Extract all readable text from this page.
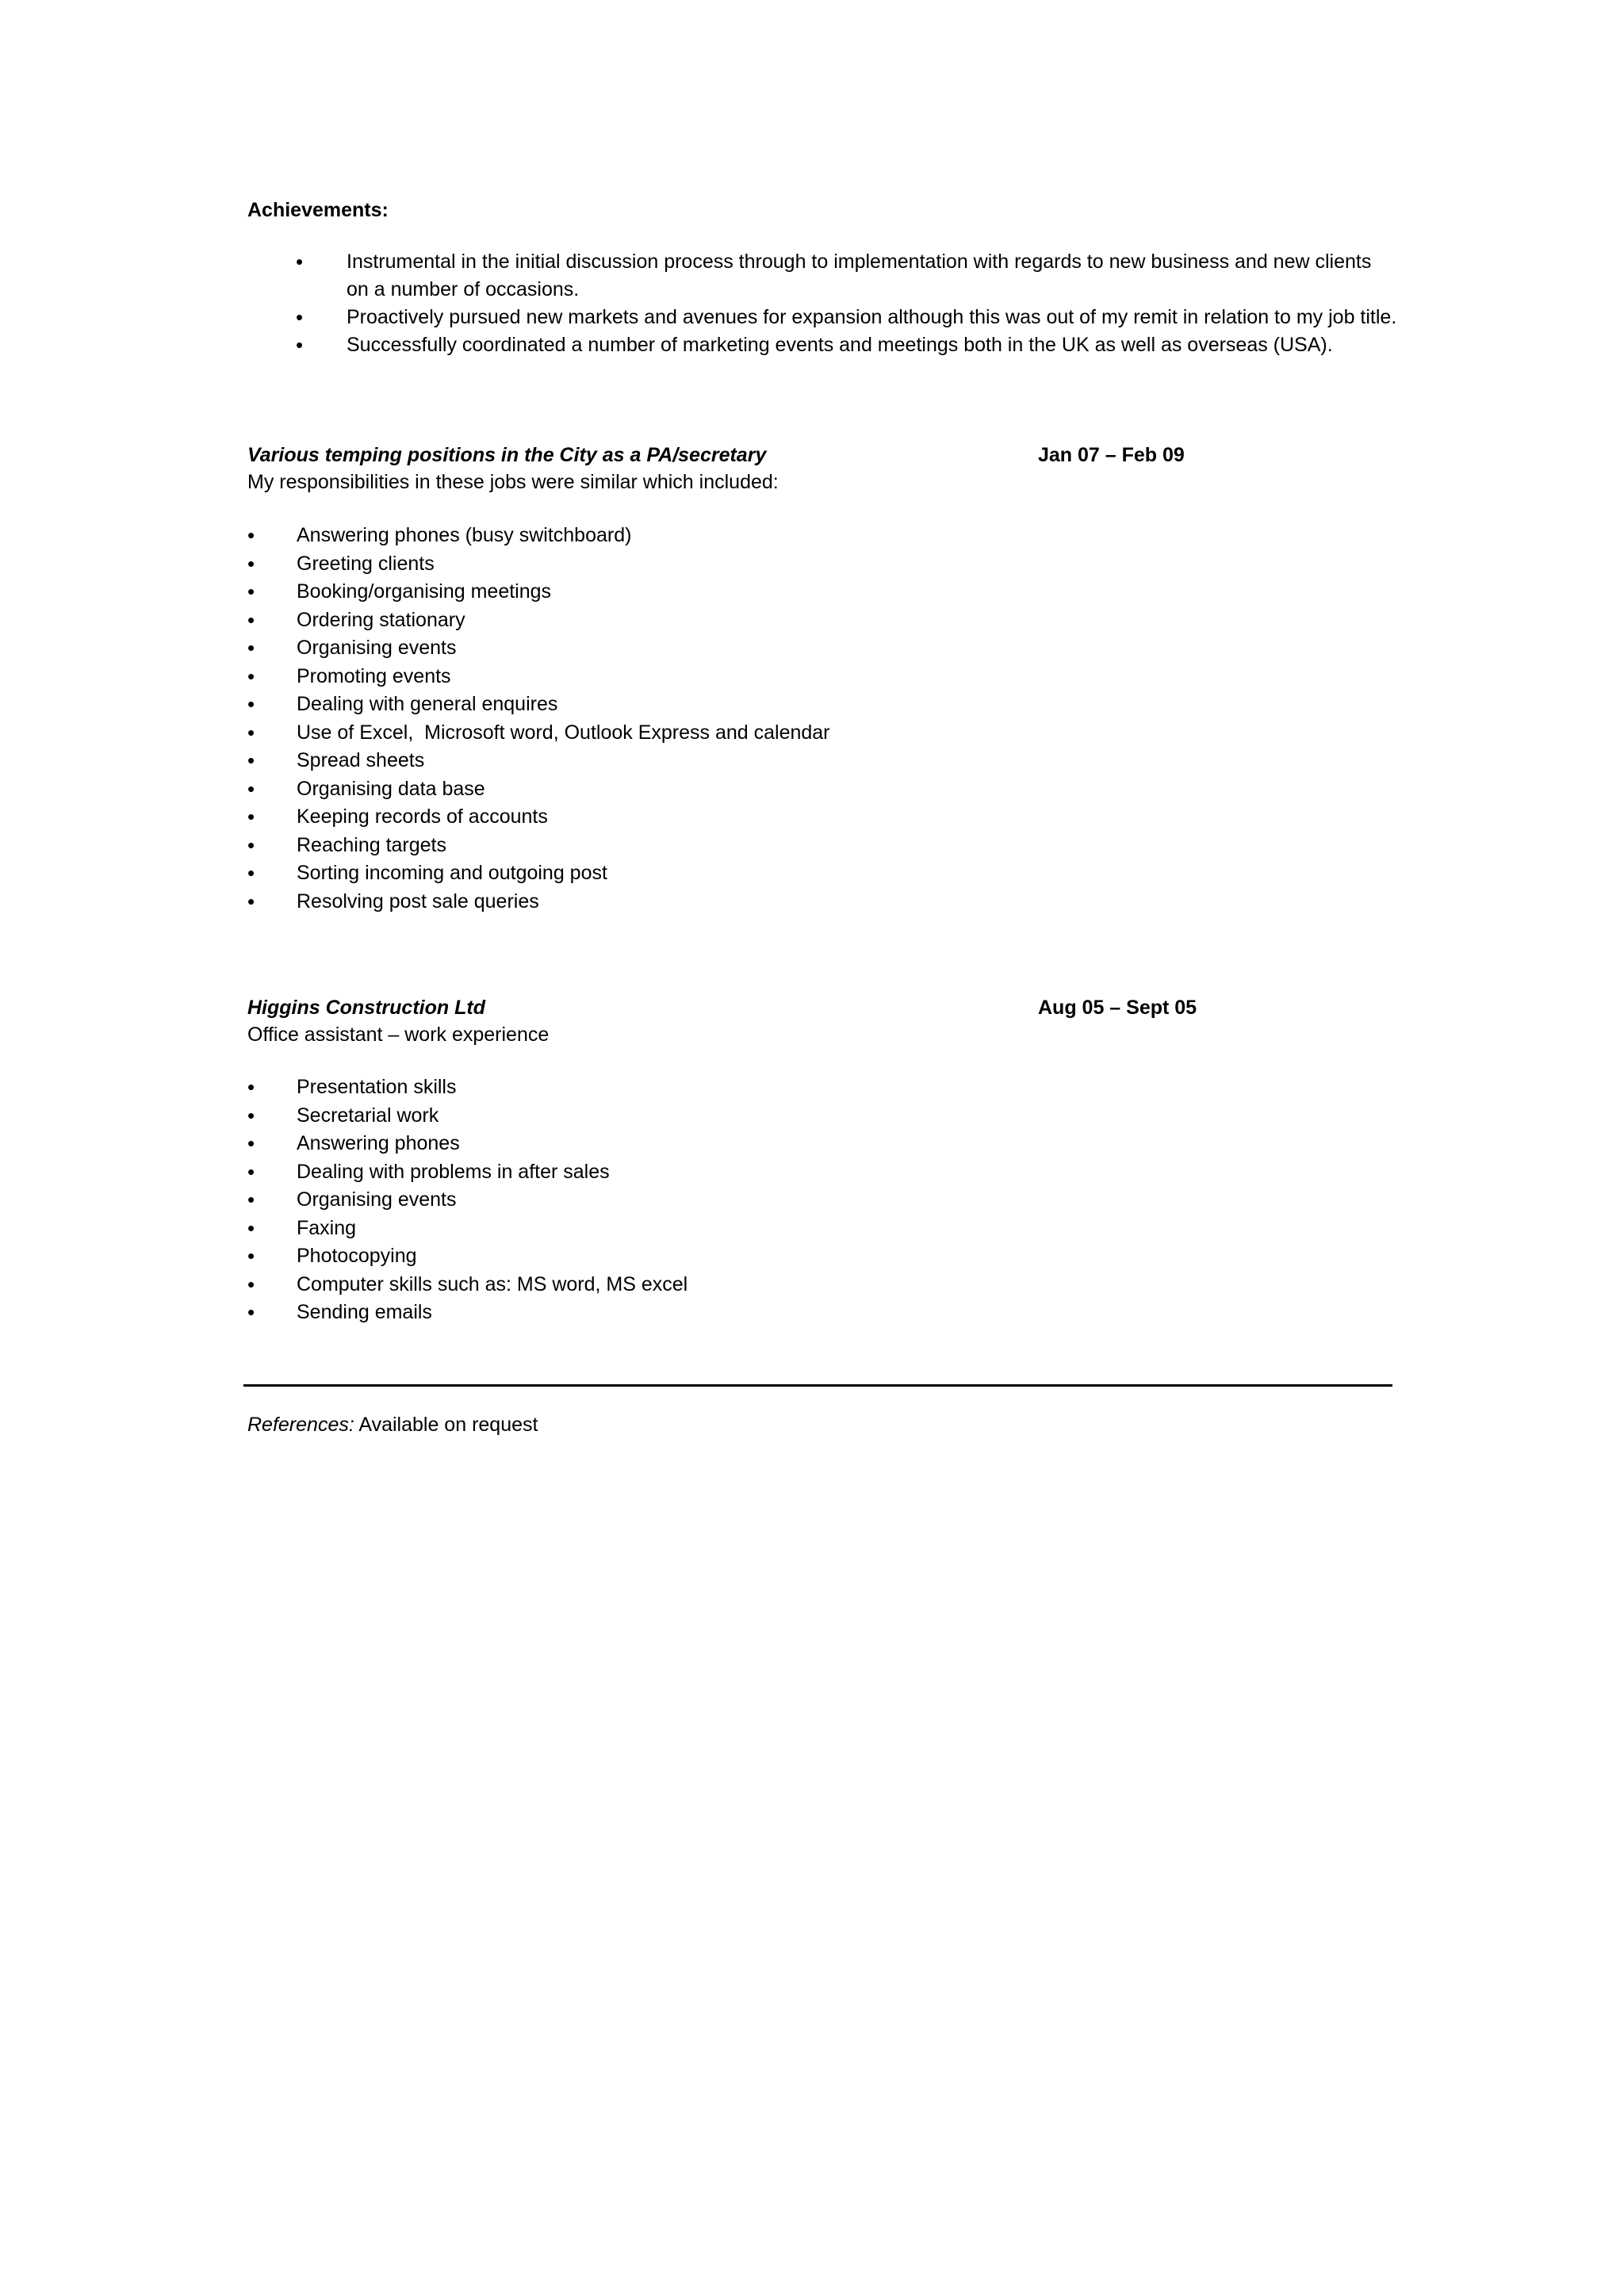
Achievements:
•	Instrumental in the initial discussion process through to implementation with regards to new business and new clients on a number of occasions.
•	Proactively pursued new markets and avenues for expansion although this was out of my remit in relation to my job title.
•	Successfully coordinated a number of marketing events and meetings both in the UK as well as overseas (USA).
Various temping positions in the City as a PA/secretary	Jan 07 – Feb 09
My responsibilities in these jobs were similar which included:
•	Answering phones (busy switchboard)
•	Greeting clients
•	Booking/organising meetings
•	Ordering stationary
•	Organising events
•	Promoting events
•	Dealing with general enquires
•	Use of Excel,  Microsoft word, Outlook Express and calendar
•	Spread sheets
•	Organising data base
•	Keeping records of accounts
•	Reaching targets
•	Sorting incoming and outgoing post
•	Resolving post sale queries
Higgins Construction Ltd	Aug 05 – Sept 05
Office assistant – work experience
•	Presentation skills
•	Secretarial work
•	Answering phones
•	Dealing with problems in after sales
•	Organising events
•	Faxing
•	Photocopying
•	Computer skills such as: MS word, MS excel
•	Sending emails
References: Available on request
